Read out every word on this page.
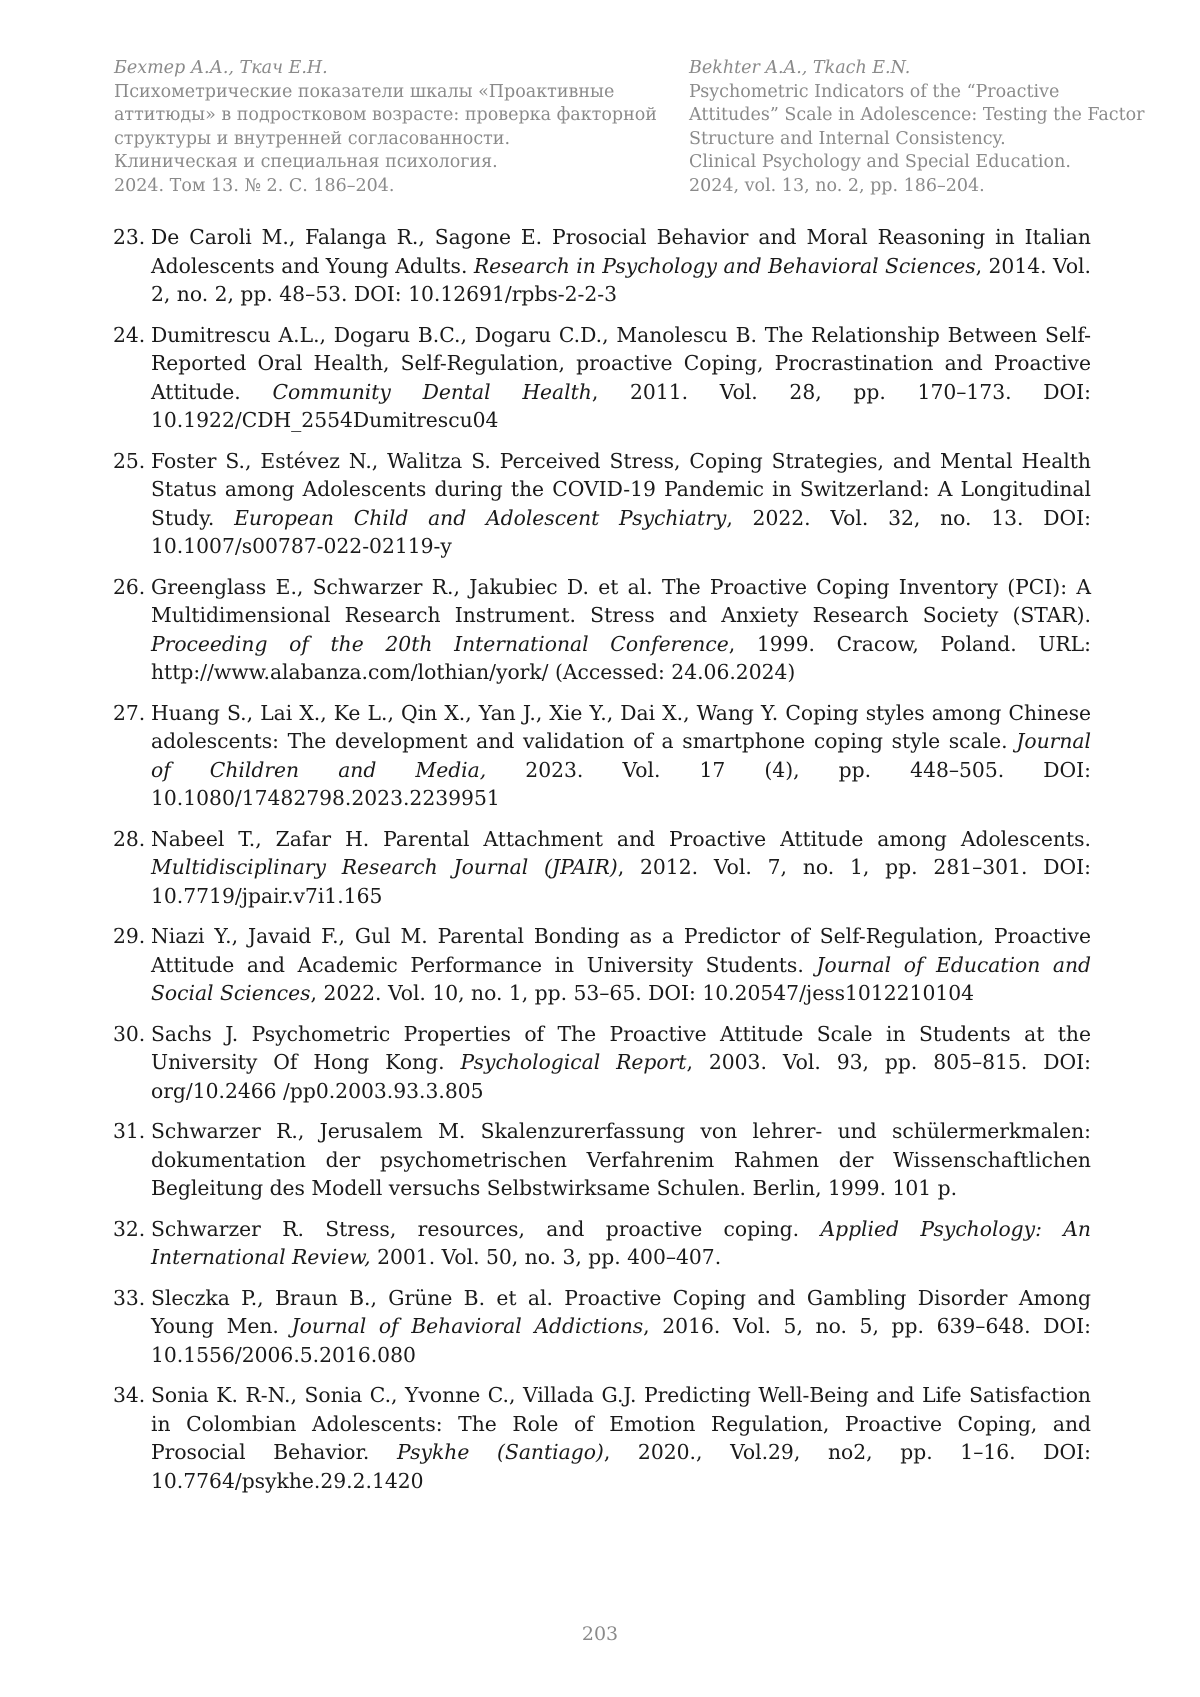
Бехтер А.А., Ткач Е.Н.
Психометрические показатели шкалы «Проактивные
аттитюды» в подростковом возрасте: проверка факторной
структуры и внутренней согласованности.
Клиническая и специальная психология.
2024. Том 13. № 2. С. 186–204.
Bekhter A.A., Tkach E.N.
Psychometric Indicators of the “Proactive
Attitudes” Scale in Adolescence: Testing the Factor
Structure and Internal Consistency.
Clinical Psychology and Special Education.
2024, vol. 13, no. 2, pp. 186–204.
23. De Caroli M., Falanga R., Sagone E. Prosocial Behavior and Moral Reasoning in Italian Adolescents and Young Adults. Research in Psychology and Behavioral Sciences, 2014. Vol. 2, no. 2, pp. 48–53. DOI: 10.12691/rpbs-2-2-3
24. Dumitrescu A.L., Dogaru B.C., Dogaru C.D., Manolescu B. The Relationship Between Self-Reported Oral Health, Self-Regulation, proactive Coping, Procrastination and Proactive Attitude. Community Dental Health, 2011. Vol. 28, pp. 170–173. DOI: 10.1922/CDH_2554Dumitrescu04
25. Foster S., Estévez N., Walitza S. Perceived Stress, Coping Strategies, and Mental Health Status among Adolescents during the COVID-19 Pandemic in Switzerland: A Longitudinal Study. European Child and Adolescent Psychiatry, 2022. Vol. 32, no. 13. DOI: 10.1007/s00787-022-02119-y
26. Greenglass E., Schwarzer R., Jakubiec D. et al. The Proactive Coping Inventory (PCI): A Multidimensional Research Instrument. Stress and Anxiety Research Society (STAR). Proceeding of the 20th International Conference, 1999. Cracow, Poland. URL: http://www.alabanza.com/lothian/york/ (Accessed: 24.06.2024)
27. Huang S., Lai X., Ke L., Qin X., Yan J., Xie Y., Dai X., Wang Y. Coping styles among Chinese adolescents: The development and validation of a smartphone coping style scale. Journal of Children and Media, 2023. Vol. 17 (4), pp. 448–505. DOI: 10.1080/17482798.2023.2239951
28. Nabeel T., Zafar H. Parental Attachment and Proactive Attitude among Adolescents. Multidisciplinary Research Journal (JPAIR), 2012. Vol. 7, no. 1, pp. 281–301. DOI: 10.7719/jpair.v7i1.165
29. Niazi Y., Javaid F., Gul M. Parental Bonding as a Predictor of Self-Regulation, Proactive Attitude and Academic Performance in University Students. Journal of Education and Social Sciences, 2022. Vol. 10, no. 1, pp. 53–65. DOI: 10.20547/jess1012210104
30. Sachs J. Psychometric Properties of The Proactive Attitude Scale in Students at the University Of Hong Kong. Psychological Report, 2003. Vol. 93, pp. 805–815. DOI: org/10.2466 /pp0.2003.93.3.805
31. Schwarzer R., Jerusalem M. Skalenzurerfassung von lehrer- und schülermerkmalen: dokumentation der psychometrischen Verfahrenim Rahmen der Wissenschaftlichen Begleitung des Modell versuchs Selbstwirksame Schulen. Berlin, 1999. 101 p.
32. Schwarzer R. Stress, resources, and proactive coping. Applied Psychology: An International Review, 2001. Vol. 50, no. 3, pp. 400–407.
33. Sleczka P., Braun B., Grüne B. et al. Proactive Coping and Gambling Disorder Among Young Men. Journal of Behavioral Addictions, 2016. Vol. 5, no. 5, pp. 639–648. DOI: 10.1556/2006.5.2016.080
34. Sonia K. R-N., Sonia C., Yvonne C., Villada G.J. Predicting Well-Being and Life Satisfaction in Colombian Adolescents: The Role of Emotion Regulation, Proactive Coping, and Prosocial Behavior. Psykhe (Santiago), 2020., Vol.29, no2, pp. 1–16. DOI: 10.7764/psykhe.29.2.1420
203
